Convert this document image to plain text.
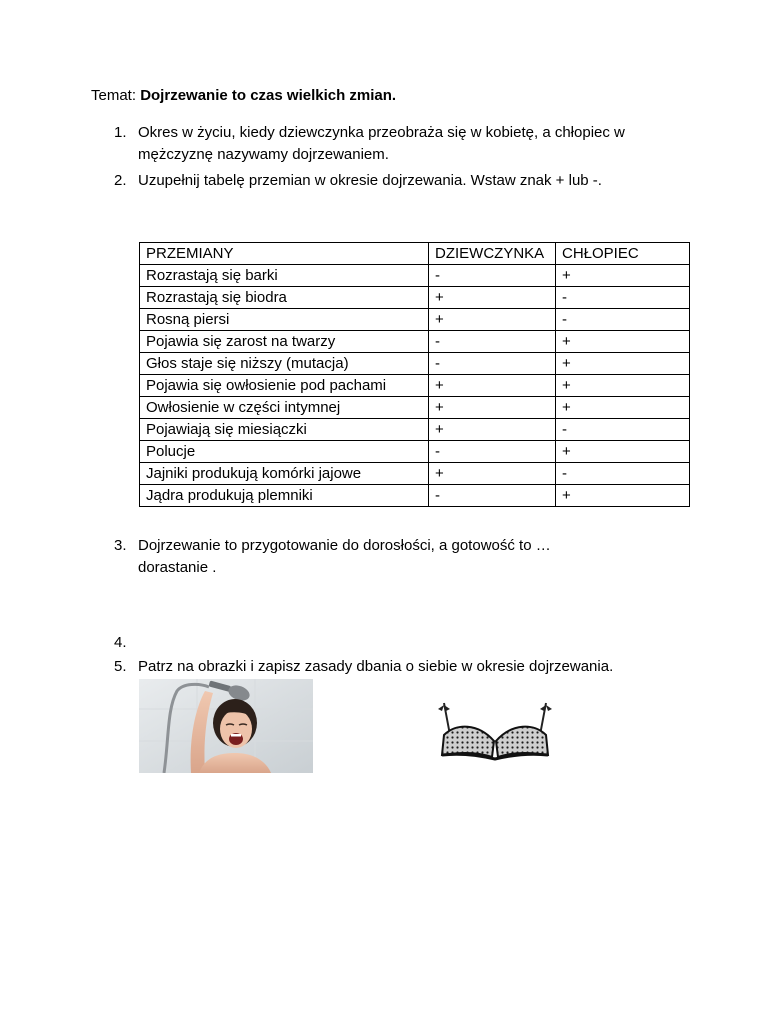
Temat: Dojrzewanie to czas wielkich zmian.
1. Okres w życiu, kiedy dziewczynka przeobraża się w kobietę, a chłopiec w mężczyznę nazywamy dojrzewaniem.
2. Uzupełnij tabelę przemian w okresie dojrzewania. Wstaw znak + lub -.
PRZEMIANY	DZIEWCZYNKA	CHŁOPIEC
Rozrastają się barki	-	+
Rozrastają się biodra	+	-
Rosną piersi	+	-
Pojawia się zarost na twarzy	-	+
Głos staje się niższy (mutacja)	-	+
Pojawia się owłosienie pod pachami	+	+
Owłosienie w części intymnej	+	+
Pojawiają się miesiączki	+	-
Polucje	-	+
Jajniki produkują komórki jajowe	+	-
Jądra produkują plemniki	-	+
3. Dojrzewanie to przygotowanie do dorosłości, a gotowość to … dorastanie .
4.
5. Patrz na obrazki i zapisz zasady dbania o siebie w okresie dojrzewania.
